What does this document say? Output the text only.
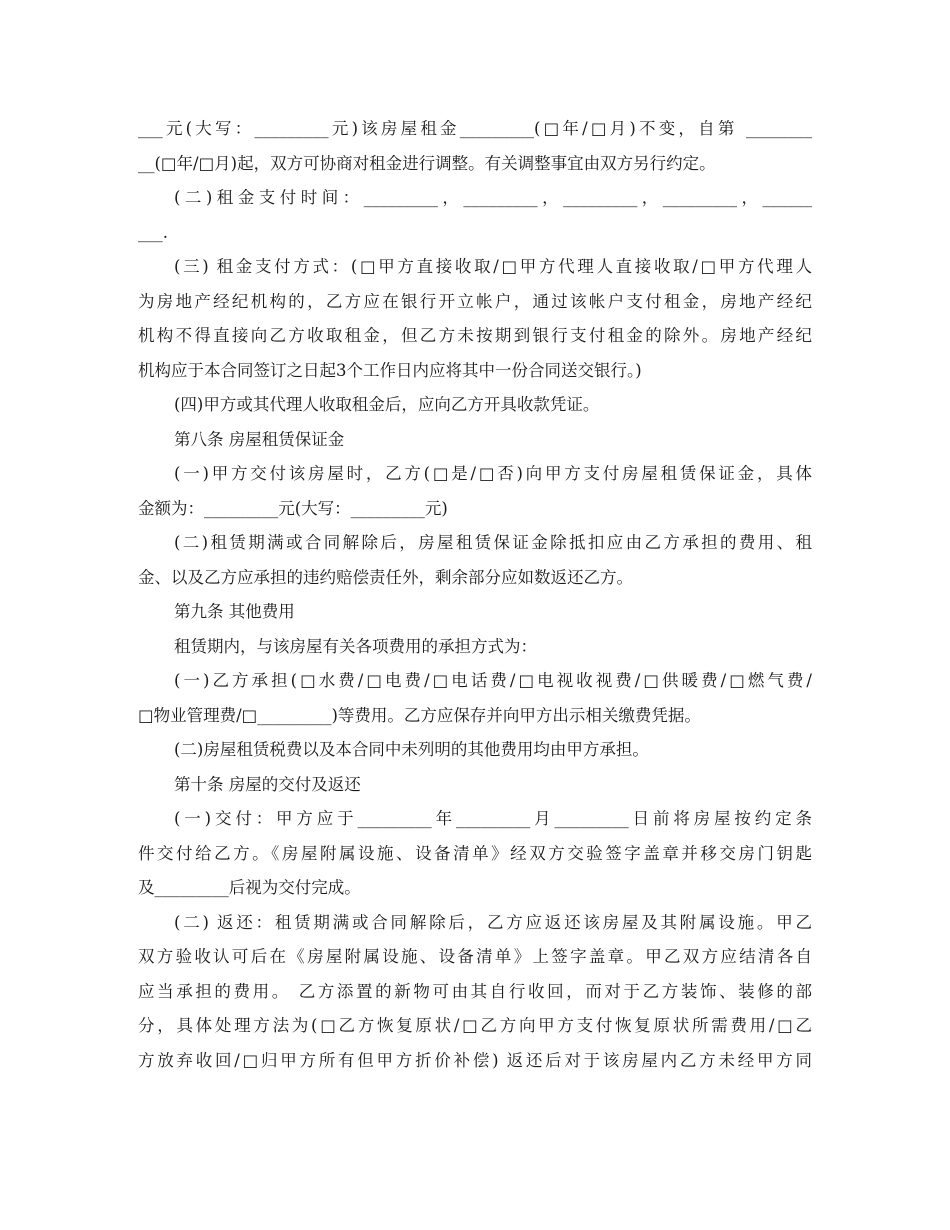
___元(大写：_________元)该房屋租金_________(□年/□月)不变，自第 ________
__(□年/□月)起，双方可协商对租金进行调整。有关调整事宜由双方另行约定。
(二)租金支付时间：_________，_________，_________，_________，______
___.
(三) 租金支付方式：(□甲方直接收取/□甲方代理人直接收取/□甲方代理人
为房地产经纪机构的，乙方应在银行开立帐户，通过该帐户支付租金，房地产经纪
机构不得直接向乙方收取租金，但乙方未按期到银行支付租金的除外。房地产经纪
机构应于本合同签订之日起3个工作日内应将其中一份合同送交银行。)
(四)甲方或其代理人收取租金后，应向乙方开具收款凭证。
第八条 房屋租赁保证金
(一)甲方交付该房屋时，乙方(□是/□否)向甲方支付房屋租赁保证金，具体
金额为：_________元(大写：_________元)
(二)租赁期满或合同解除后，房屋租赁保证金除抵扣应由乙方承担的费用、租
金、以及乙方应承担的违约赔偿责任外，剩余部分应如数返还乙方。
第九条 其他费用
租赁期内，与该房屋有关各项费用的承担方式为：
(一)乙方承担(□水费/□电费/□电话费/□电视收视费/□供暖费/□燃气费/
□物业管理费/□_________)等费用。乙方应保存并向甲方出示相关缴费凭据。
(二)房屋租赁税费以及本合同中未列明的其他费用均由甲方承担。
第十条 房屋的交付及返还
(一)交付：甲方应于_________年_________月_________日前将房屋按约定条
件交付给乙方。《房屋附属设施、设备清单》经双方交验签字盖章并移交房门钥匙
及_________后视为交付完成。
(二) 返还：租赁期满或合同解除后，乙方应返还该房屋及其附属设施。甲乙
双方验收认可后在《房屋附属设施、设备清单》上签字盖章。甲乙双方应结清各自
应当承担的费用。 乙方添置的新物可由其自行收回，而对于乙方装饰、装修的部
分，具体处理方法为(□乙方恢复原状/□乙方向甲方支付恢复原状所需费用/□乙
方放弃收回/□归甲方所有但甲方折价补偿) 返还后对于该房屋内乙方未经甲方同
